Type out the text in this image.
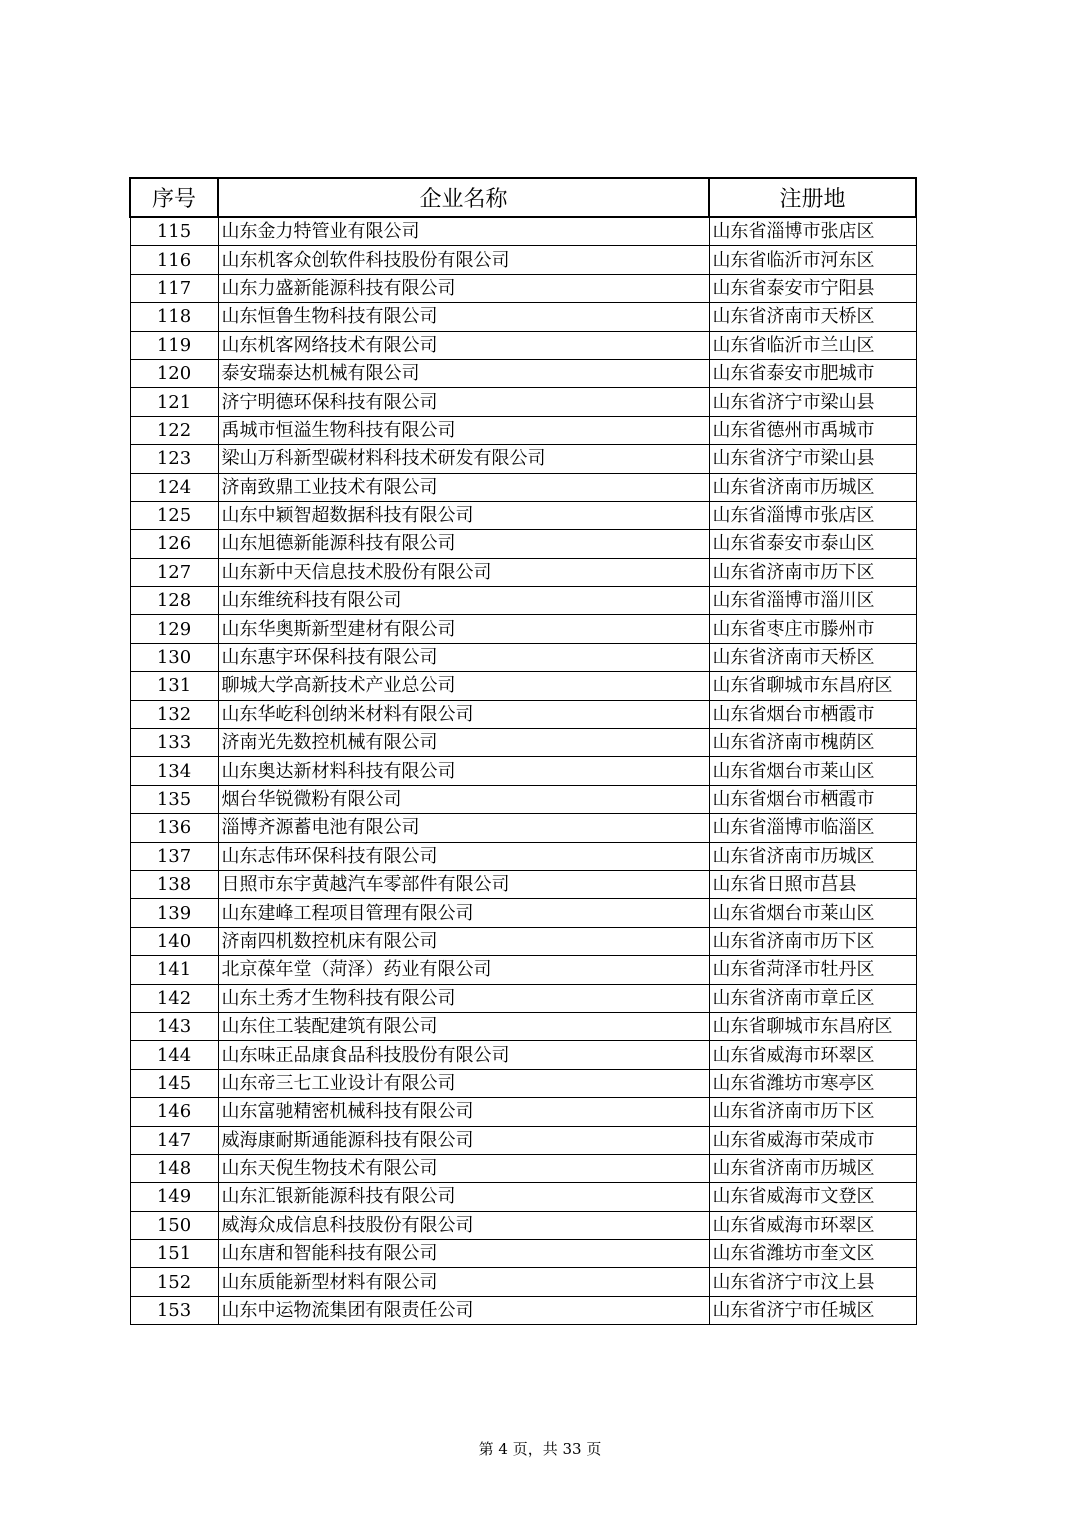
序号	企业名称	注册地
115	山东金力特管业有限公司	山东省淄博市张店区
116	山东机客众创软件科技股份有限公司	山东省临沂市河东区
117	山东力盛新能源科技有限公司	山东省泰安市宁阳县
118	山东恒鲁生物科技有限公司	山东省济南市天桥区
119	山东机客网络技术有限公司	山东省临沂市兰山区
120	泰安瑞泰达机械有限公司	山东省泰安市肥城市
121	济宁明德环保科技有限公司	山东省济宁市梁山县
122	禹城市恒溢生物科技有限公司	山东省德州市禹城市
123	梁山万科新型碳材料科技术研发有限公司	山东省济宁市梁山县
124	济南致鼎工业技术有限公司	山东省济南市历城区
125	山东中颖智超数据科技有限公司	山东省淄博市张店区
126	山东旭德新能源科技有限公司	山东省泰安市泰山区
127	山东新中天信息技术股份有限公司	山东省济南市历下区
128	山东维统科技有限公司	山东省淄博市淄川区
129	山东华奥斯新型建材有限公司	山东省枣庄市滕州市
130	山东惠宇环保科技有限公司	山东省济南市天桥区
131	聊城大学高新技术产业总公司	山东省聊城市东昌府区
132	山东华屹科创纳米材料有限公司	山东省烟台市栖霞市
133	济南光先数控机械有限公司	山东省济南市槐荫区
134	山东奥达新材料科技有限公司	山东省烟台市莱山区
135	烟台华锐微粉有限公司	山东省烟台市栖霞市
136	淄博齐源蓄电池有限公司	山东省淄博市临淄区
137	山东志伟环保科技有限公司	山东省济南市历城区
138	日照市东宇黄越汽车零部件有限公司	山东省日照市莒县
139	山东建峰工程项目管理有限公司	山东省烟台市莱山区
140	济南四机数控机床有限公司	山东省济南市历下区
141	北京葆年堂（菏泽）药业有限公司	山东省菏泽市牡丹区
142	山东土秀才生物科技有限公司	山东省济南市章丘区
143	山东住工装配建筑有限公司	山东省聊城市东昌府区
144	山东味正品康食品科技股份有限公司	山东省威海市环翠区
145	山东帝三七工业设计有限公司	山东省潍坊市寒亭区
146	山东富驰精密机械科技有限公司	山东省济南市历下区
147	威海康耐斯通能源科技有限公司	山东省威海市荣成市
148	山东天倪生物技术有限公司	山东省济南市历城区
149	山东汇银新能源科技有限公司	山东省威海市文登区
150	威海众成信息科技股份有限公司	山东省威海市环翠区
151	山东唐和智能科技有限公司	山东省潍坊市奎文区
152	山东质能新型材料有限公司	山东省济宁市汶上县
153	山东中运物流集团有限责任公司	山东省济宁市任城区
第 4 页，共 33 页
